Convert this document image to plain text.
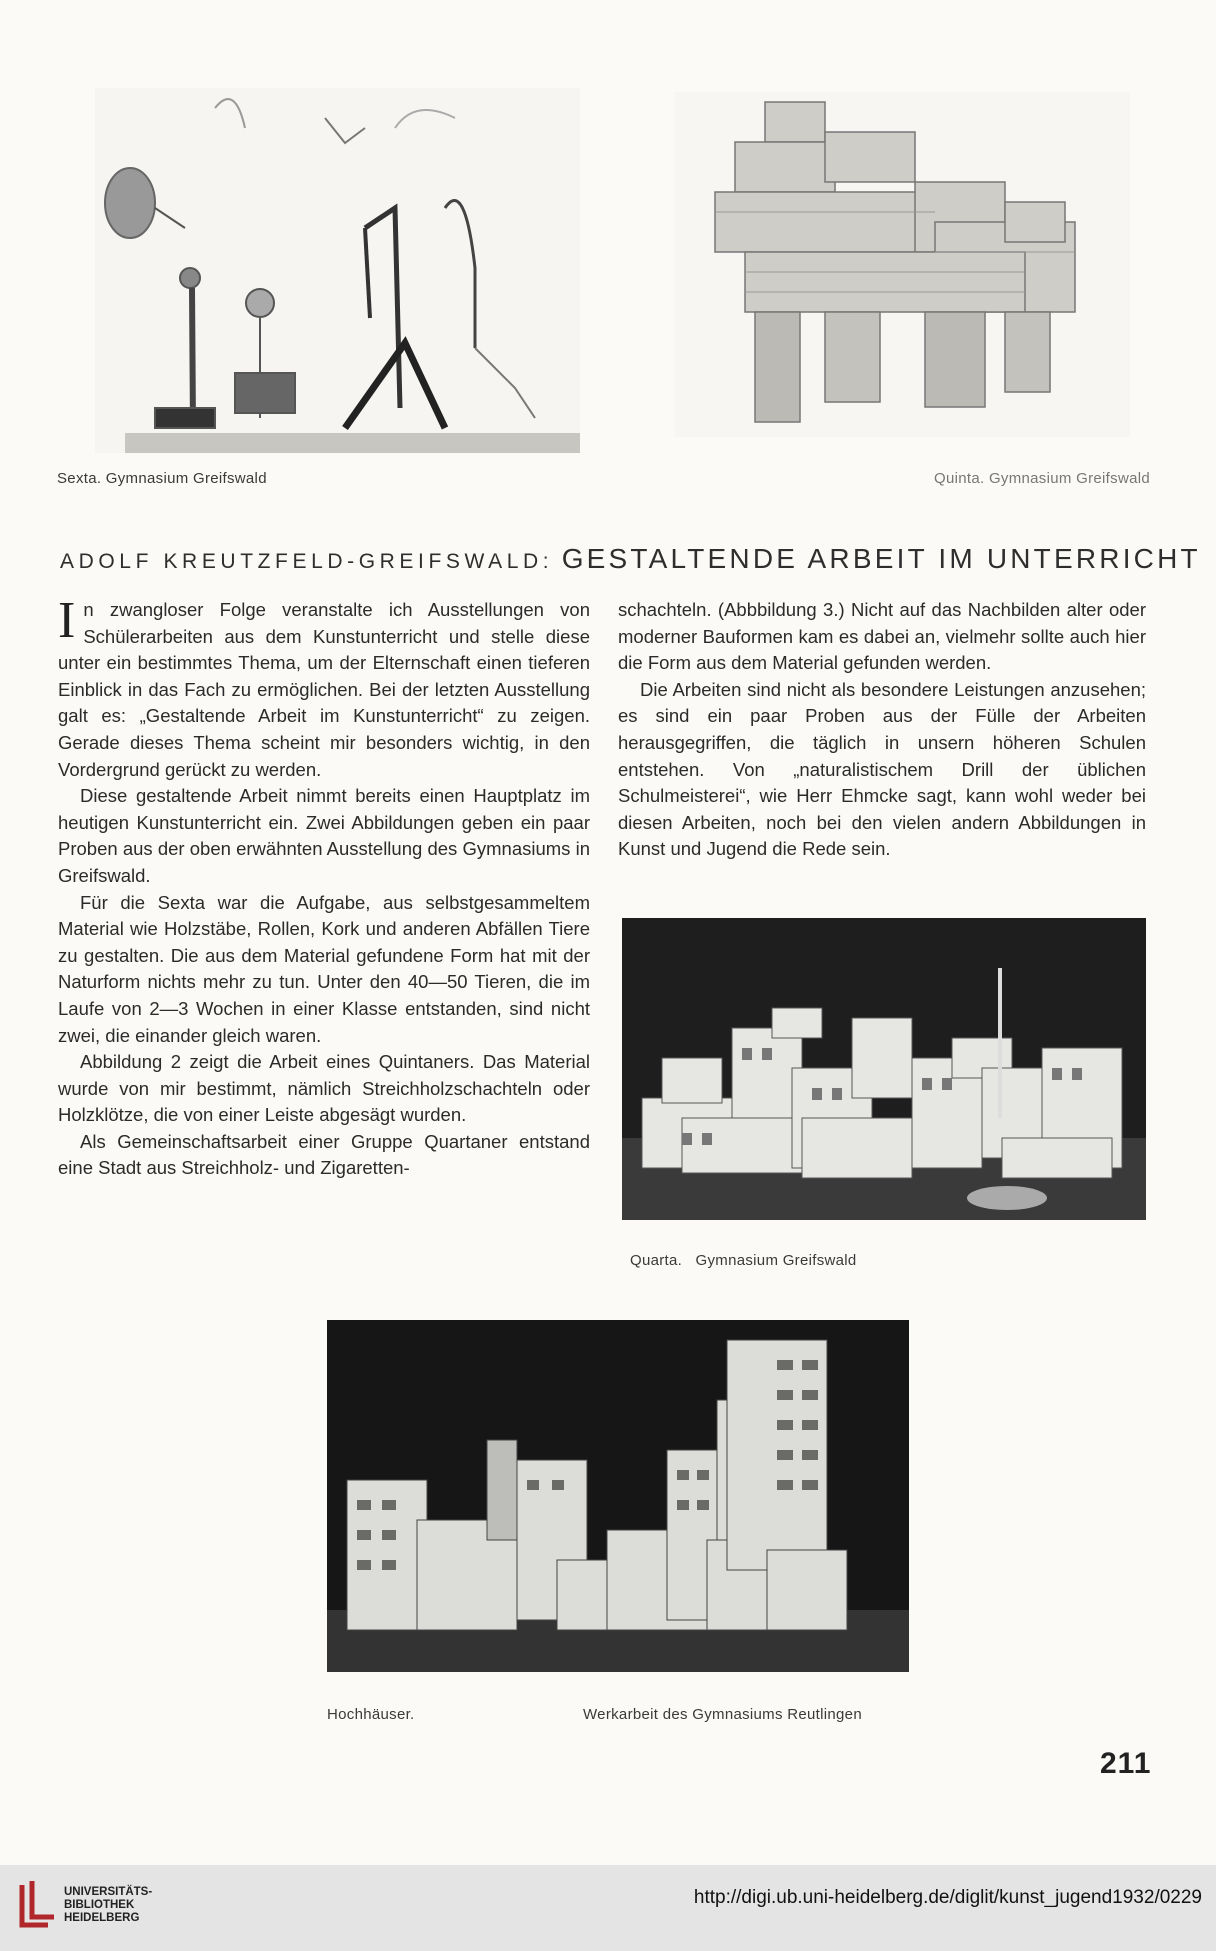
Sexta. Gymnasium Greifswald	Quinta. Gymnasium Greifswald
ADOLF KREUTZFELD-GREIFSWALD: GESTALTENDE ARBEIT IM UNTERRICHT

In zwangloser Folge veranstalte ich Ausstellungen von Schülerarbeiten aus dem Kunstunterricht und stelle diese unter ein bestimmtes Thema, um der Elternschaft einen tieferen Einblick in das Fach zu ermöglichen. Bei der letzten Ausstellung galt es: „Gestaltende Arbeit im Kunstunterricht“ zu zeigen. Gerade dieses Thema scheint mir besonders wichtig, in den Vordergrund gerückt zu werden.

Diese gestaltende Arbeit nimmt bereits einen Hauptplatz im heutigen Kunstunterricht ein. Zwei Abbildungen geben ein paar Proben aus der oben erwähnten Ausstellung des Gymnasiums in Greifswald.

Für die Sexta war die Aufgabe, aus selbstgesammeltem Material wie Holzstäbe, Rollen, Kork und anderen Abfällen Tiere zu gestalten. Die aus dem Material gefundene Form hat mit der Naturform nichts mehr zu tun. Unter den 40—50 Tieren, die im Laufe von 2—3 Wochen in einer Klasse entstanden, sind nicht zwei, die einander gleich waren.

Abbildung 2 zeigt die Arbeit eines Quintaners. Das Material wurde von mir bestimmt, nämlich Streichholzschachteln oder Holzklötze, die von einer Leiste abgesägt wurden.

Als Gemeinschaftsarbeit einer Gruppe Quartaner entstand eine Stadt aus Streichholz- und Zigaretten-

schachteln. (Abbbildung 3.) Nicht auf das Nachbilden alter oder moderner Bauformen kam es dabei an, vielmehr sollte auch hier die Form aus dem Material gefunden werden.

Die Arbeiten sind nicht als besondere Leistungen anzusehen; es sind ein paar Proben aus der Fülle der Arbeiten herausgegriffen, die täglich in unsern höheren Schulen entstehen. Von „naturalistischem Drill der üblichen Schulmeisterei“, wie Herr Ehmcke sagt, kann wohl weder bei diesen Arbeiten, noch bei den vielen andern Abbildungen in Kunst und Jugend die Rede sein.

Quarta.   Gymnasium Greifswald
Hochhäuser.	Werkarbeit des Gymnasiums Reutlingen
211
UNIVERSITÄTS-
BIBLIOTHEK
HEIDELBERG
http://digi.ub.uni-heidelberg.de/diglit/kunst_jugend1932/0229
